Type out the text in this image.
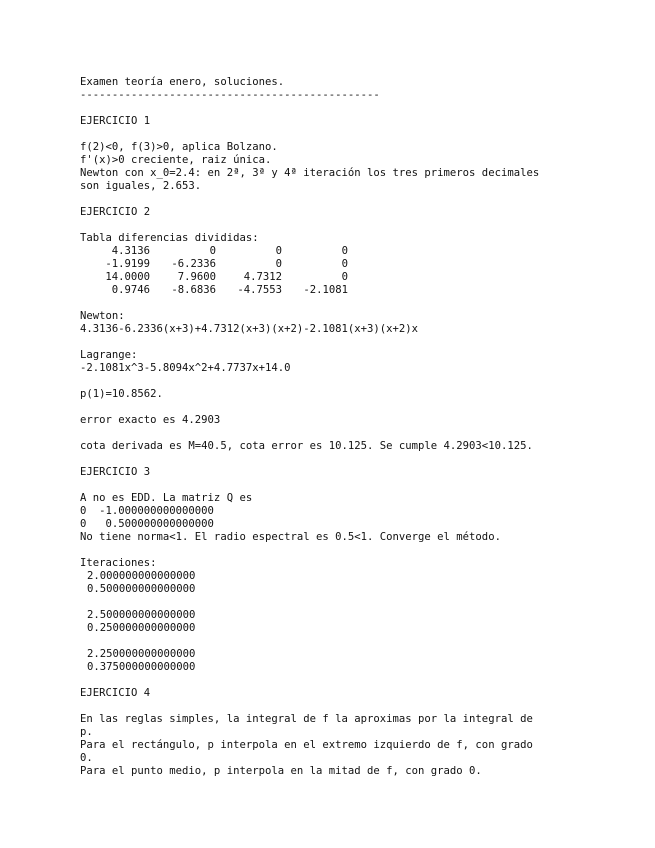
Examen teoría enero, soluciones.
-----------------------------------------------
EJERCICIO 1
f(2)<0, f(3)>0, aplica Bolzano.
f'(x)>0 creciente, raiz única.
Newton con x_0=2.4: en 2ª, 3ª y 4ª iteración los tres primeros decimales
son iguales, 2.653.
EJERCICIO 2
Tabla diferencias divididas:
4.3136	0	0	0
-1.9199	-6.2336	0	0
14.0000	7.9600	4.7312	0
0.9746	-8.6836	-4.7553	-2.1081
Newton:
4.3136-6.2336(x+3)+4.7312(x+3)(x+2)-2.1081(x+3)(x+2)x
Lagrange:
-2.1081x^3-5.8094x^2+4.7737x+14.0
p(1)=10.8562.
error exacto es 4.2903
cota derivada es M=40.5, cota error es 10.125. Se cumple 4.2903<10.125.
EJERCICIO 3
A no es EDD. La matriz Q es
0  -1.000000000000000
0   0.500000000000000
No tiene norma<1. El radio espectral es 0.5<1. Converge el método.
Iteraciones:
2.000000000000000
0.500000000000000
2.500000000000000
0.250000000000000
2.250000000000000
0.375000000000000
EJERCICIO 4
En las reglas simples, la integral de f la aproximas por la integral de
p.
Para el rectángulo, p interpola en el extremo izquierdo de f, con grado
0.
Para el punto medio, p interpola en la mitad de f, con grado 0.
